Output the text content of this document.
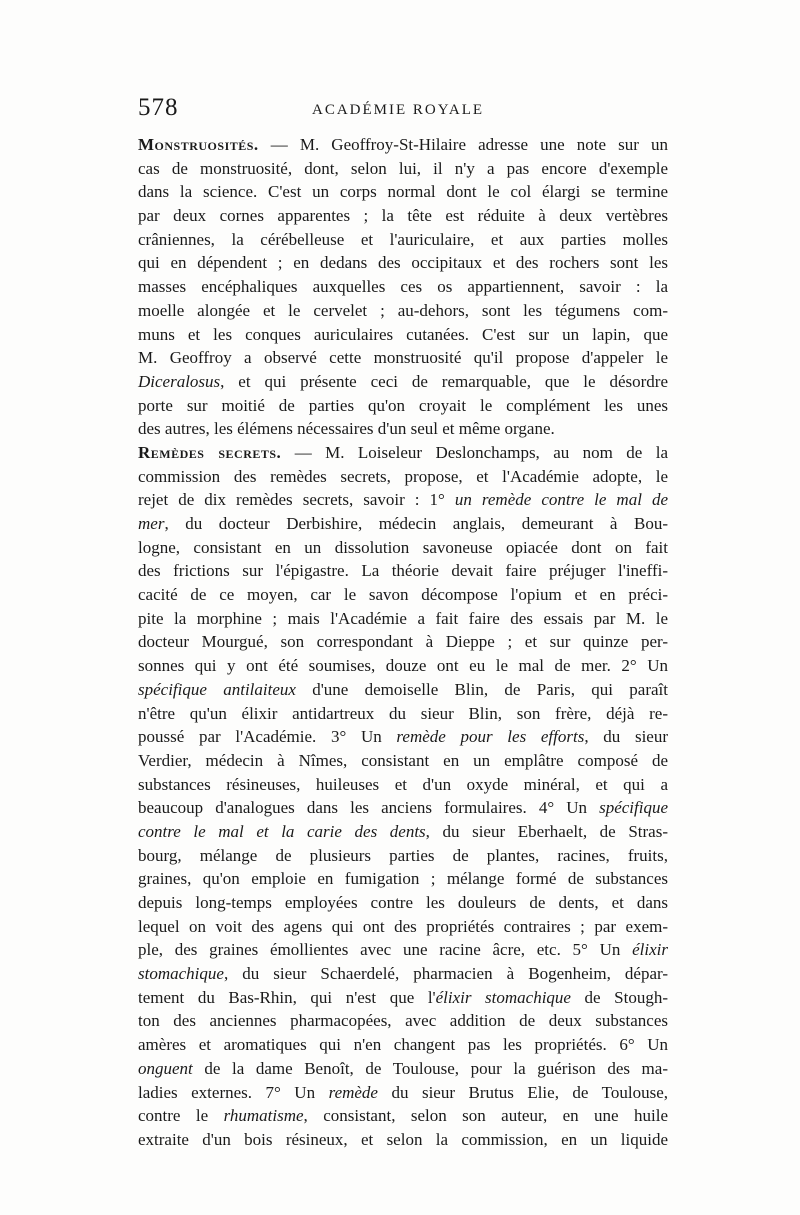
578	ACADÉMIE ROYALE
Monstruosités. — M. Geoffroy-St-Hilaire adresse une note sur un
cas de monstruosité, dont, selon lui, il n'y a pas encore d'exemple
dans la science. C'est un corps normal dont le col élargi se termine
par deux cornes apparentes ; la tête est réduite à deux vertèbres
crâniennes, la cérébelleuse et l'auriculaire, et aux parties molles
qui en dépendent ; en dedans des occipitaux et des rochers sont les
masses encéphaliques auxquelles ces os appartiennent, savoir : la
moelle alongée et le cervelet ; au-dehors, sont les tégumens com-
muns et les conques auriculaires cutanées. C'est sur un lapin, que
M. Geoffroy a observé cette monstruosité qu'il propose d'appeler le
Diceralosus, et qui présente ceci de remarquable, que le désordre
porte sur moitié de parties qu'on croyait le complément les unes
des autres, les élémens nécessaires d'un seul et même organe.
Remèdes secrets. — M. Loiseleur Deslonchamps, au nom de la
commission des remèdes secrets, propose, et l'Académie adopte, le
rejet de dix remèdes secrets, savoir : 1° un remède contre le mal de
mer, du docteur Derbishire, médecin anglais, demeurant à Bou-
logne, consistant en un dissolution savoneuse opiacée dont on fait
des frictions sur l'épigastre. La théorie devait faire préjuger l'ineffi-
cacité de ce moyen, car le savon décompose l'opium et en préci-
pite la morphine ; mais l'Académie a fait faire des essais par M. le
docteur Mourgué, son correspondant à Dieppe ; et sur quinze per-
sonnes qui y ont été soumises, douze ont eu le mal de mer. 2° Un
spécifique antilaiteux d'une demoiselle Blin, de Paris, qui paraît
n'être qu'un élixir antidartreux du sieur Blin, son frère, déjà re-
poussé par l'Académie. 3° Un remède pour les efforts, du sieur
Verdier, médecin à Nîmes, consistant en un emplâtre composé de
substances résineuses, huileuses et d'un oxyde minéral, et qui a
beaucoup d'analogues dans les anciens formulaires. 4° Un spécifique
contre le mal et la carie des dents, du sieur Eberhaelt, de Stras-
bourg, mélange de plusieurs parties de plantes, racines, fruits,
graines, qu'on emploie en fumigation ; mélange formé de substances
depuis long-temps employées contre les douleurs de dents, et dans
lequel on voit des agens qui ont des propriétés contraires ; par exem-
ple, des graines émollientes avec une racine âcre, etc. 5° Un élixir
stomachique, du sieur Schaerdelé, pharmacien à Bogenheim, dépar-
tement du Bas-Rhin, qui n'est que l'élixir stomachique de Stough-
ton des anciennes pharmacopées, avec addition de deux substances
amères et aromatiques qui n'en changent pas les propriétés. 6° Un
onguent de la dame Benoît, de Toulouse, pour la guérison des ma-
ladies externes. 7° Un remède du sieur Brutus Elie, de Toulouse,
contre le rhumatisme, consistant, selon son auteur, en une huile
extraite d'un bois résineux, et selon la commission, en un liquide
